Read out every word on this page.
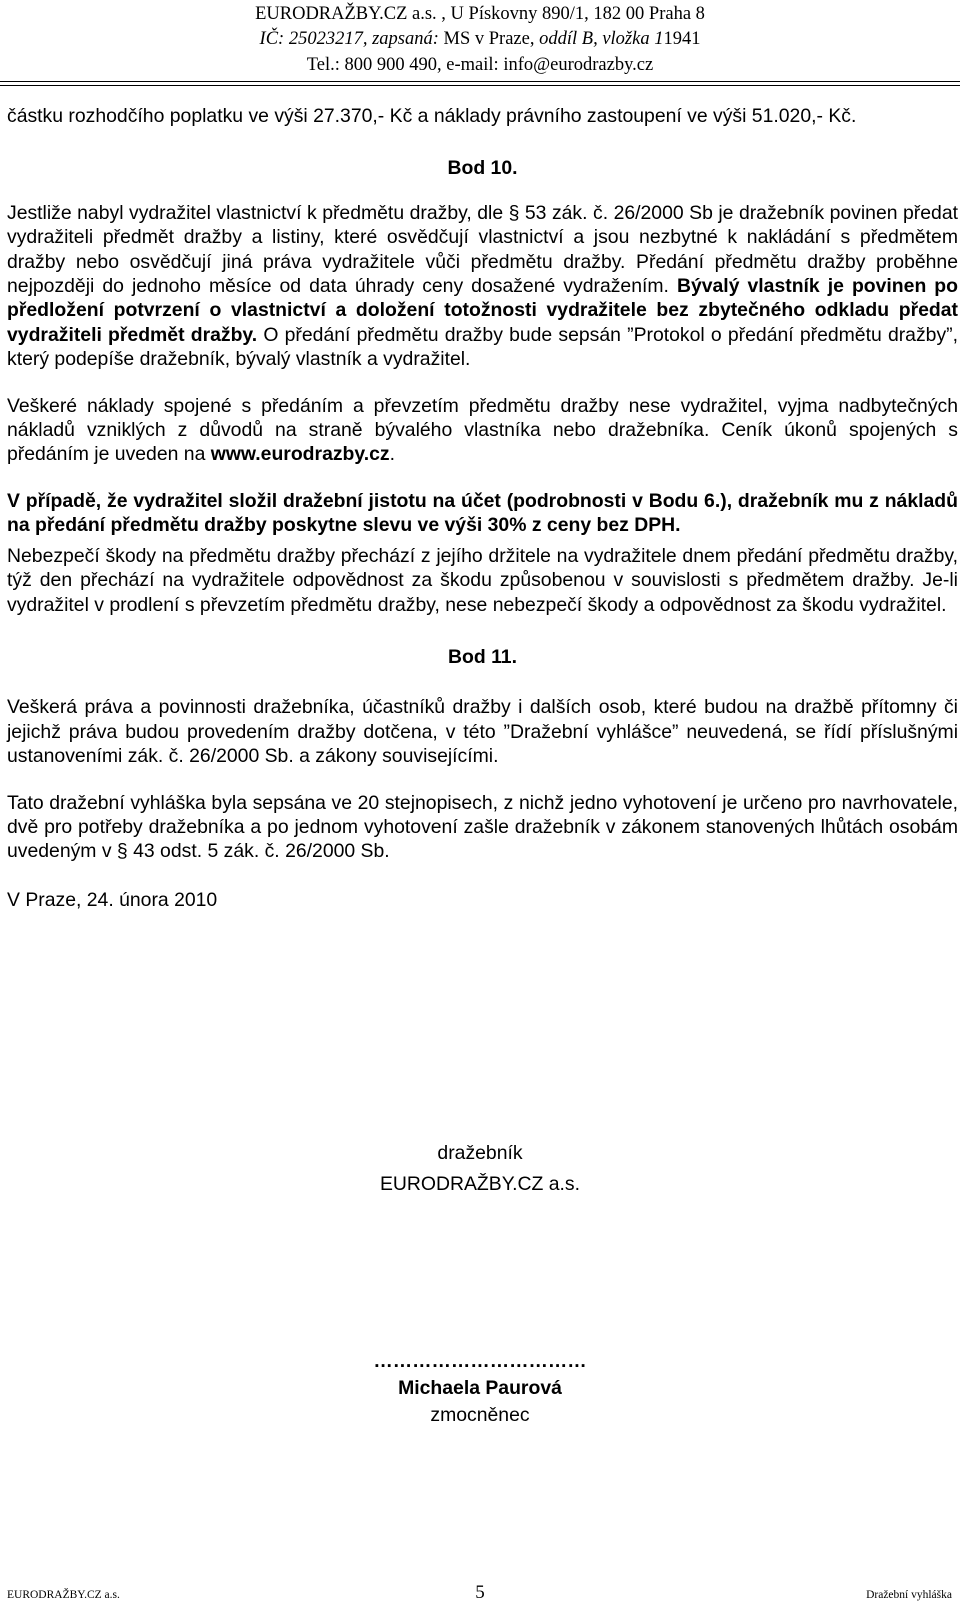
EURODRAŽBY.CZ a.s. , U Pískovny 890/1, 182 00 Praha 8
IČ: 25023217, zapsaná: MS v Praze, oddíl B, vložka 11941
Tel.: 800 900 490, e-mail: info@eurodrazby.cz

částku rozhodčího poplatku ve výši 27.370,- Kč a náklady právního zastoupení ve výši 51.020,- Kč.

Bod 10.

Jestliže nabyl vydražitel vlastnictví k předmětu dražby, dle § 53 zák. č. 26/2000 Sb je dražebník povinen předat vydražiteli předmět dražby a listiny, které osvědčují vlastnictví a jsou nezbytné k nakládání s předmětem dražby nebo osvědčují jiná práva vydražitele vůči předmětu dražby. Předání předmětu dražby proběhne nejpozději do jednoho měsíce od data úhrady ceny dosažené vydražením. Bývalý vlastník je povinen po předložení potvrzení o vlastnictví a doložení totožnosti vydražitele bez zbytečného odkladu předat vydražiteli předmět dražby. O předání předmětu dražby bude sepsán ”Protokol o předání předmětu dražby”, který podepíše dražebník, bývalý vlastník a vydražitel.

Veškeré náklady spojené s předáním a převzetím předmětu dražby nese vydražitel, vyjma nadbytečných nákladů vzniklých z důvodů na straně bývalého vlastníka nebo dražebníka. Ceník úkonů spojených s předáním je uveden na www.eurodrazby.cz.

V případě, že vydražitel složil dražební jistotu na účet (podrobnosti v Bodu 6.), dražebník mu z nákladů na předání předmětu dražby poskytne slevu ve výši 30% z ceny bez DPH.

Nebezpečí škody na předmětu dražby přechází z jejího držitele na vydražitele dnem předání předmětu dražby, týž den přechází na vydražitele odpovědnost za škodu způsobenou v souvislosti s předmětem dražby. Je-li vydražitel v prodlení s převzetím předmětu dražby, nese nebezpečí škody a odpovědnost za škodu vydražitel.

Bod 11.

Veškerá práva a povinnosti dražebníka, účastníků dražby i dalších osob, které budou na dražbě přítomny či jejichž práva budou provedením dražby dotčena, v této ”Dražební vyhlášce” neuvedená, se řídí příslušnými ustanoveními zák. č. 26/2000 Sb. a zákony souvisejícími.

Tato dražební vyhláška byla sepsána ve 20 stejnopisech, z nichž jedno vyhotovení je určeno pro navrhovatele, dvě pro potřeby dražebníka a po jednom vyhotovení zašle dražebník v zákonem stanovených lhůtách osobám uvedeným v § 43 odst. 5 zák. č. 26/2000 Sb.

V Praze, 24. února 2010

dražebník
EURODRAŽBY.CZ a.s.
……………………………
Michaela Paurová
zmocněnec
EURODRAŽBY.CZ a.s.	5	Dražební vyhláška
